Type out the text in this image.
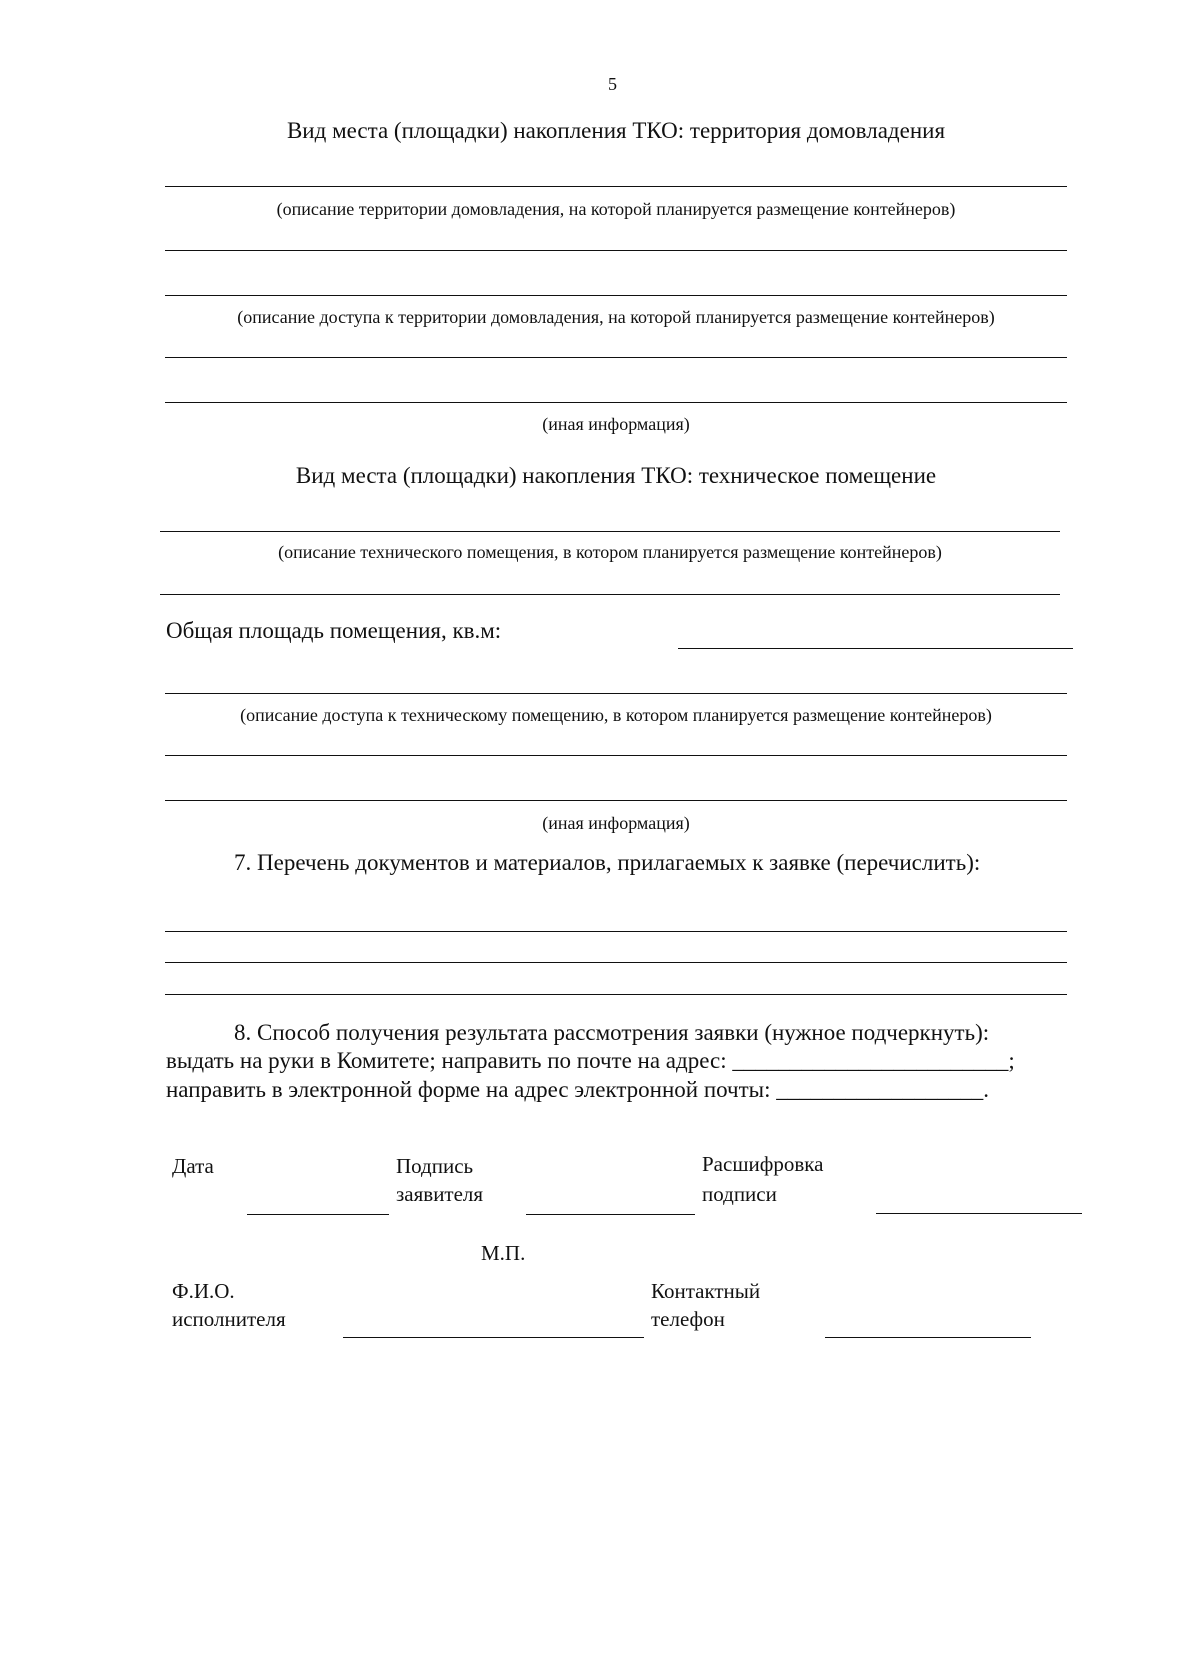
5
Вид места (площадки) накопления ТКО: территория домовладения
(описание территории домовладения, на которой планируется размещение контейнеров)
(описание доступа к территории домовладения, на которой планируется размещение контейнеров)
(иная информация)
Вид места (площадки) накопления ТКО: техническое помещение
(описание технического помещения, в котором планируется размещение контейнеров)
Общая площадь помещения, кв.м:
(описание доступа к техническому помещению, в котором планируется размещение контейнеров)
(иная информация)
7. Перечень документов и материалов, прилагаемых к заявке (перечислить):
8. Способ получения результата рассмотрения заявки (нужное подчеркнуть):
выдать на руки в Комитете; направить по почте на адрес: ________________________;
направить в электронной форме на адрес электронной почты: __________________.
Дата	Подпись
заявителя
Расшифровка
подписи
М.П.
Ф.И.О.
исполнителя
Контактный
телефон
